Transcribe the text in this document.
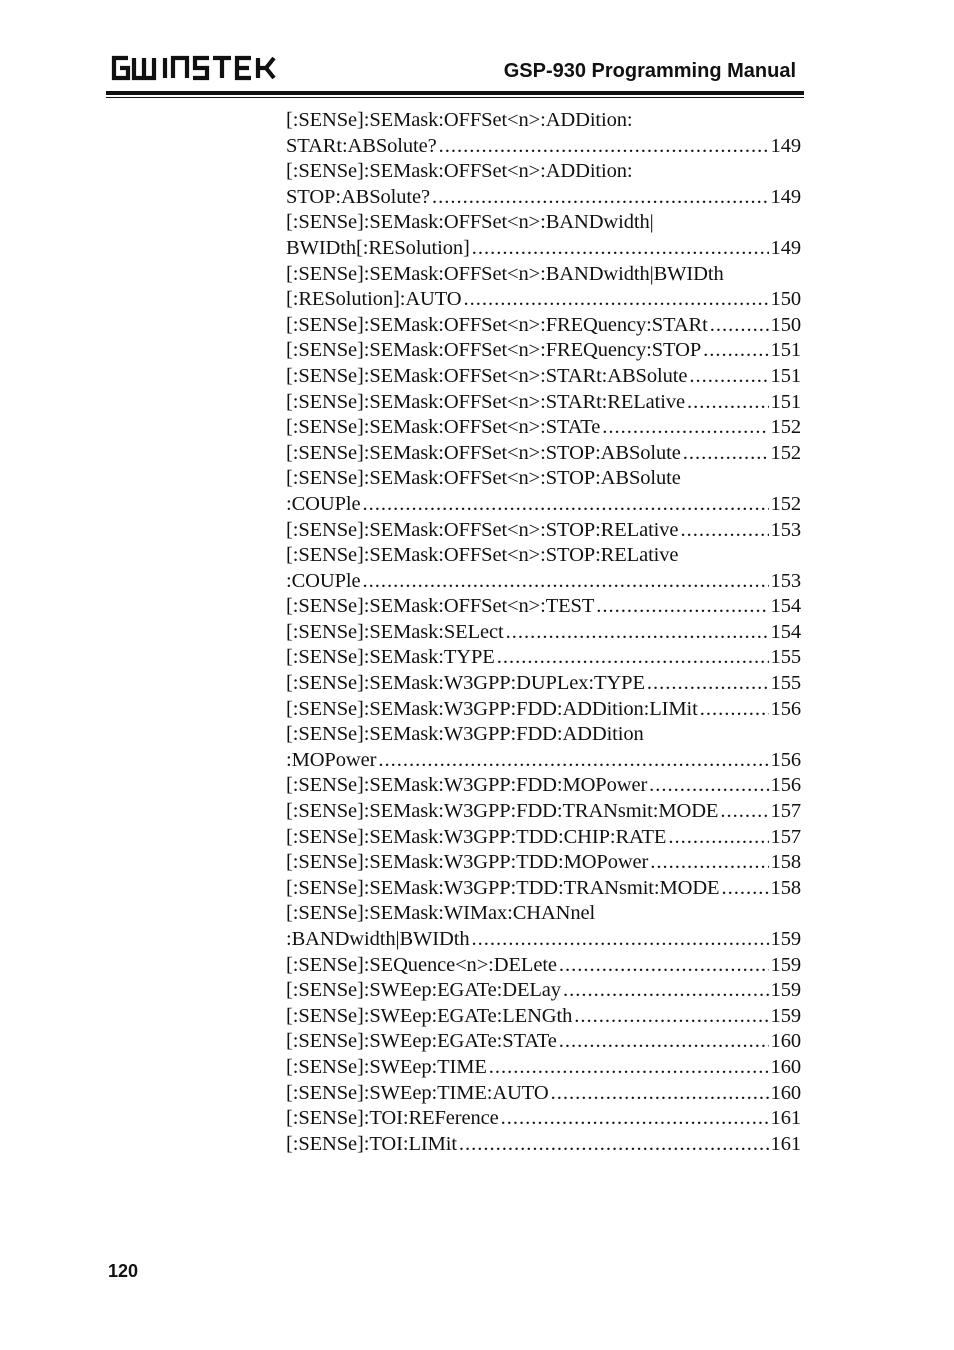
GSP-930 Programming Manual
[:SENSe]:SEMask:OFFSet<n>:ADDition:
STARt:ABSolute? .....	149
[:SENSe]:SEMask:OFFSet<n>:ADDition:
STOP:ABSolute? .....	149
[:SENSe]:SEMask:OFFSet<n>:BANDwidth|
BWIDth[:RESolution] .....	149
[:SENSe]:SEMask:OFFSet<n>:BANDwidth|BWIDth
[:RESolution]:AUTO .....	150
[:SENSe]:SEMask:OFFSet<n>:FREQuency:STARt .....	150
[:SENSe]:SEMask:OFFSet<n>:FREQuency:STOP .....	151
[:SENSe]:SEMask:OFFSet<n>:STARt:ABSolute .....	151
[:SENSe]:SEMask:OFFSet<n>:STARt:RELative .....	151
[:SENSe]:SEMask:OFFSet<n>:STATe .....	152
[:SENSe]:SEMask:OFFSet<n>:STOP:ABSolute .....	152
[:SENSe]:SEMask:OFFSet<n>:STOP:ABSolute
:COUPle .....	152
[:SENSe]:SEMask:OFFSet<n>:STOP:RELative .....	153
[:SENSe]:SEMask:OFFSet<n>:STOP:RELative
:COUPle .....	153
[:SENSe]:SEMask:OFFSet<n>:TEST .....	154
[:SENSe]:SEMask:SELect .....	154
[:SENSe]:SEMask:TYPE .....	155
[:SENSe]:SEMask:W3GPP:DUPLex:TYPE .....	155
[:SENSe]:SEMask:W3GPP:FDD:ADDition:LIMit .....	156
[:SENSe]:SEMask:W3GPP:FDD:ADDition
:MOPower .....	156
[:SENSe]:SEMask:W3GPP:FDD:MOPower .....	156
[:SENSe]:SEMask:W3GPP:FDD:TRANsmit:MODE .....	157
[:SENSe]:SEMask:W3GPP:TDD:CHIP:RATE .....	157
[:SENSe]:SEMask:W3GPP:TDD:MOPower .....	158
[:SENSe]:SEMask:W3GPP:TDD:TRANsmit:MODE ..... 158
[:SENSe]:SEMask:WIMax:CHANnel
:BANDwidth|BWIDth .....	159
[:SENSe]:SEQuence<n>:DELete .....	159
[:SENSe]:SWEep:EGATe:DELay .....	159
[:SENSe]:SWEep:EGATe:LENGth .....	159
[:SENSe]:SWEep:EGATe:STATe .....	160
[:SENSe]:SWEep:TIME .....	160
[:SENSe]:SWEep:TIME:AUTO .....	160
[:SENSe]:TOI:REFerence .....	161
[:SENSe]:TOI:LIMit .....	161
120
